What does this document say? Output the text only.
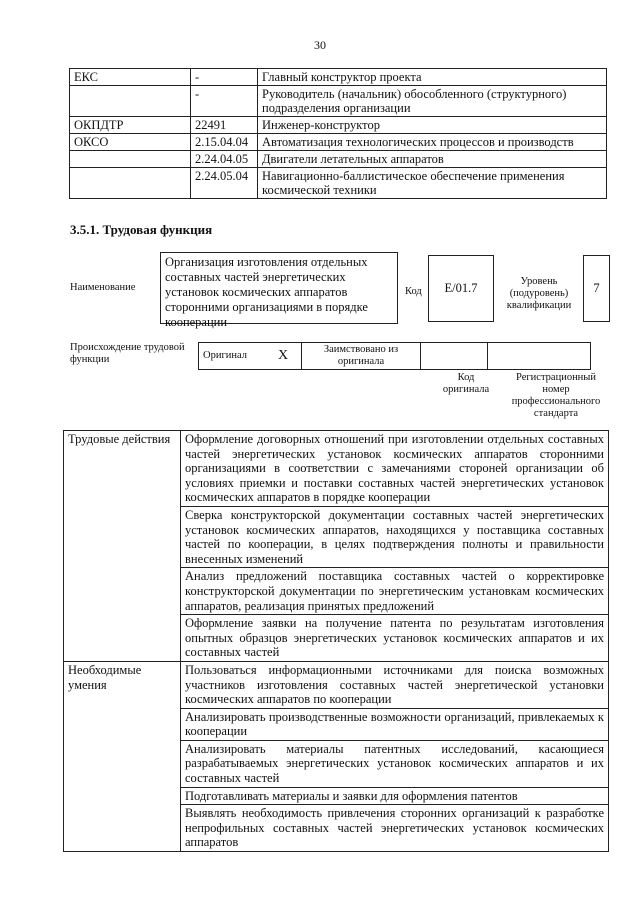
30
ЕКС	-	Главный конструктор проекта
	-	Руководитель (начальник) обособленного (структурного) подразделения организации
ОКПДТР	22491	Инженер-конструктор
ОКСО	2.15.04.04	Автоматизация технологических процессов и производств
	2.24.04.05	Двигатели летательных аппаратов
	2.24.05.04	Навигационно-баллистическое обеспечение применения космической техники
3.5.1. Трудовая функция
Наименование
Организация изготовления отдельных составных частей энергетических установок космических аппаратов сторонними организациями в порядке кооперации
Код	E/01.7	Уровень (подуровень) квалификации
7
Происхождение трудовой функции	Оригинал	X	Заимствовано из оригинала		
Код оригинала
Регистрационный номер профессионального стандарта
Трудовые действия	Оформление договорных отношений при изготовлении отдельных составных частей энергетических установок космических аппаратов сторонними организациями в соответствии с замечаниями стороней организации об условиях приемки и поставки составных частей энергетических установок космических аппаратов в порядке кооперации
	Сверка конструкторской документации составных частей энергетических установок космических аппаратов, находящихся у поставщика составных частей по кооперации, в целях подтверждения полноты и правильности внесенных изменений
	Анализ предложений поставщика составных частей о корректировке конструкторской документации по энергетическим установкам космических аппаратов, реализация принятых предложений
	Оформление заявки на получение патента по результатам изготовления опытных образцов энергетических установок космических аппаратов и их составных частей
Необходимые умения	Пользоваться информационными источниками для поиска возможных участников изготовления составных частей энергетической установки космических аппаратов по кооперации
	Анализировать производственные возможности организаций, привлекаемых к кооперации
	Анализировать материалы патентных исследований, касающиеся разрабатываемых энергетических установок космических аппаратов и их составных частей
	Подготавливать материалы и заявки для оформления патентов
	Выявлять необходимость привлечения сторонних организаций к разработке непрофильных составных частей энергетических установок космических аппаратов
